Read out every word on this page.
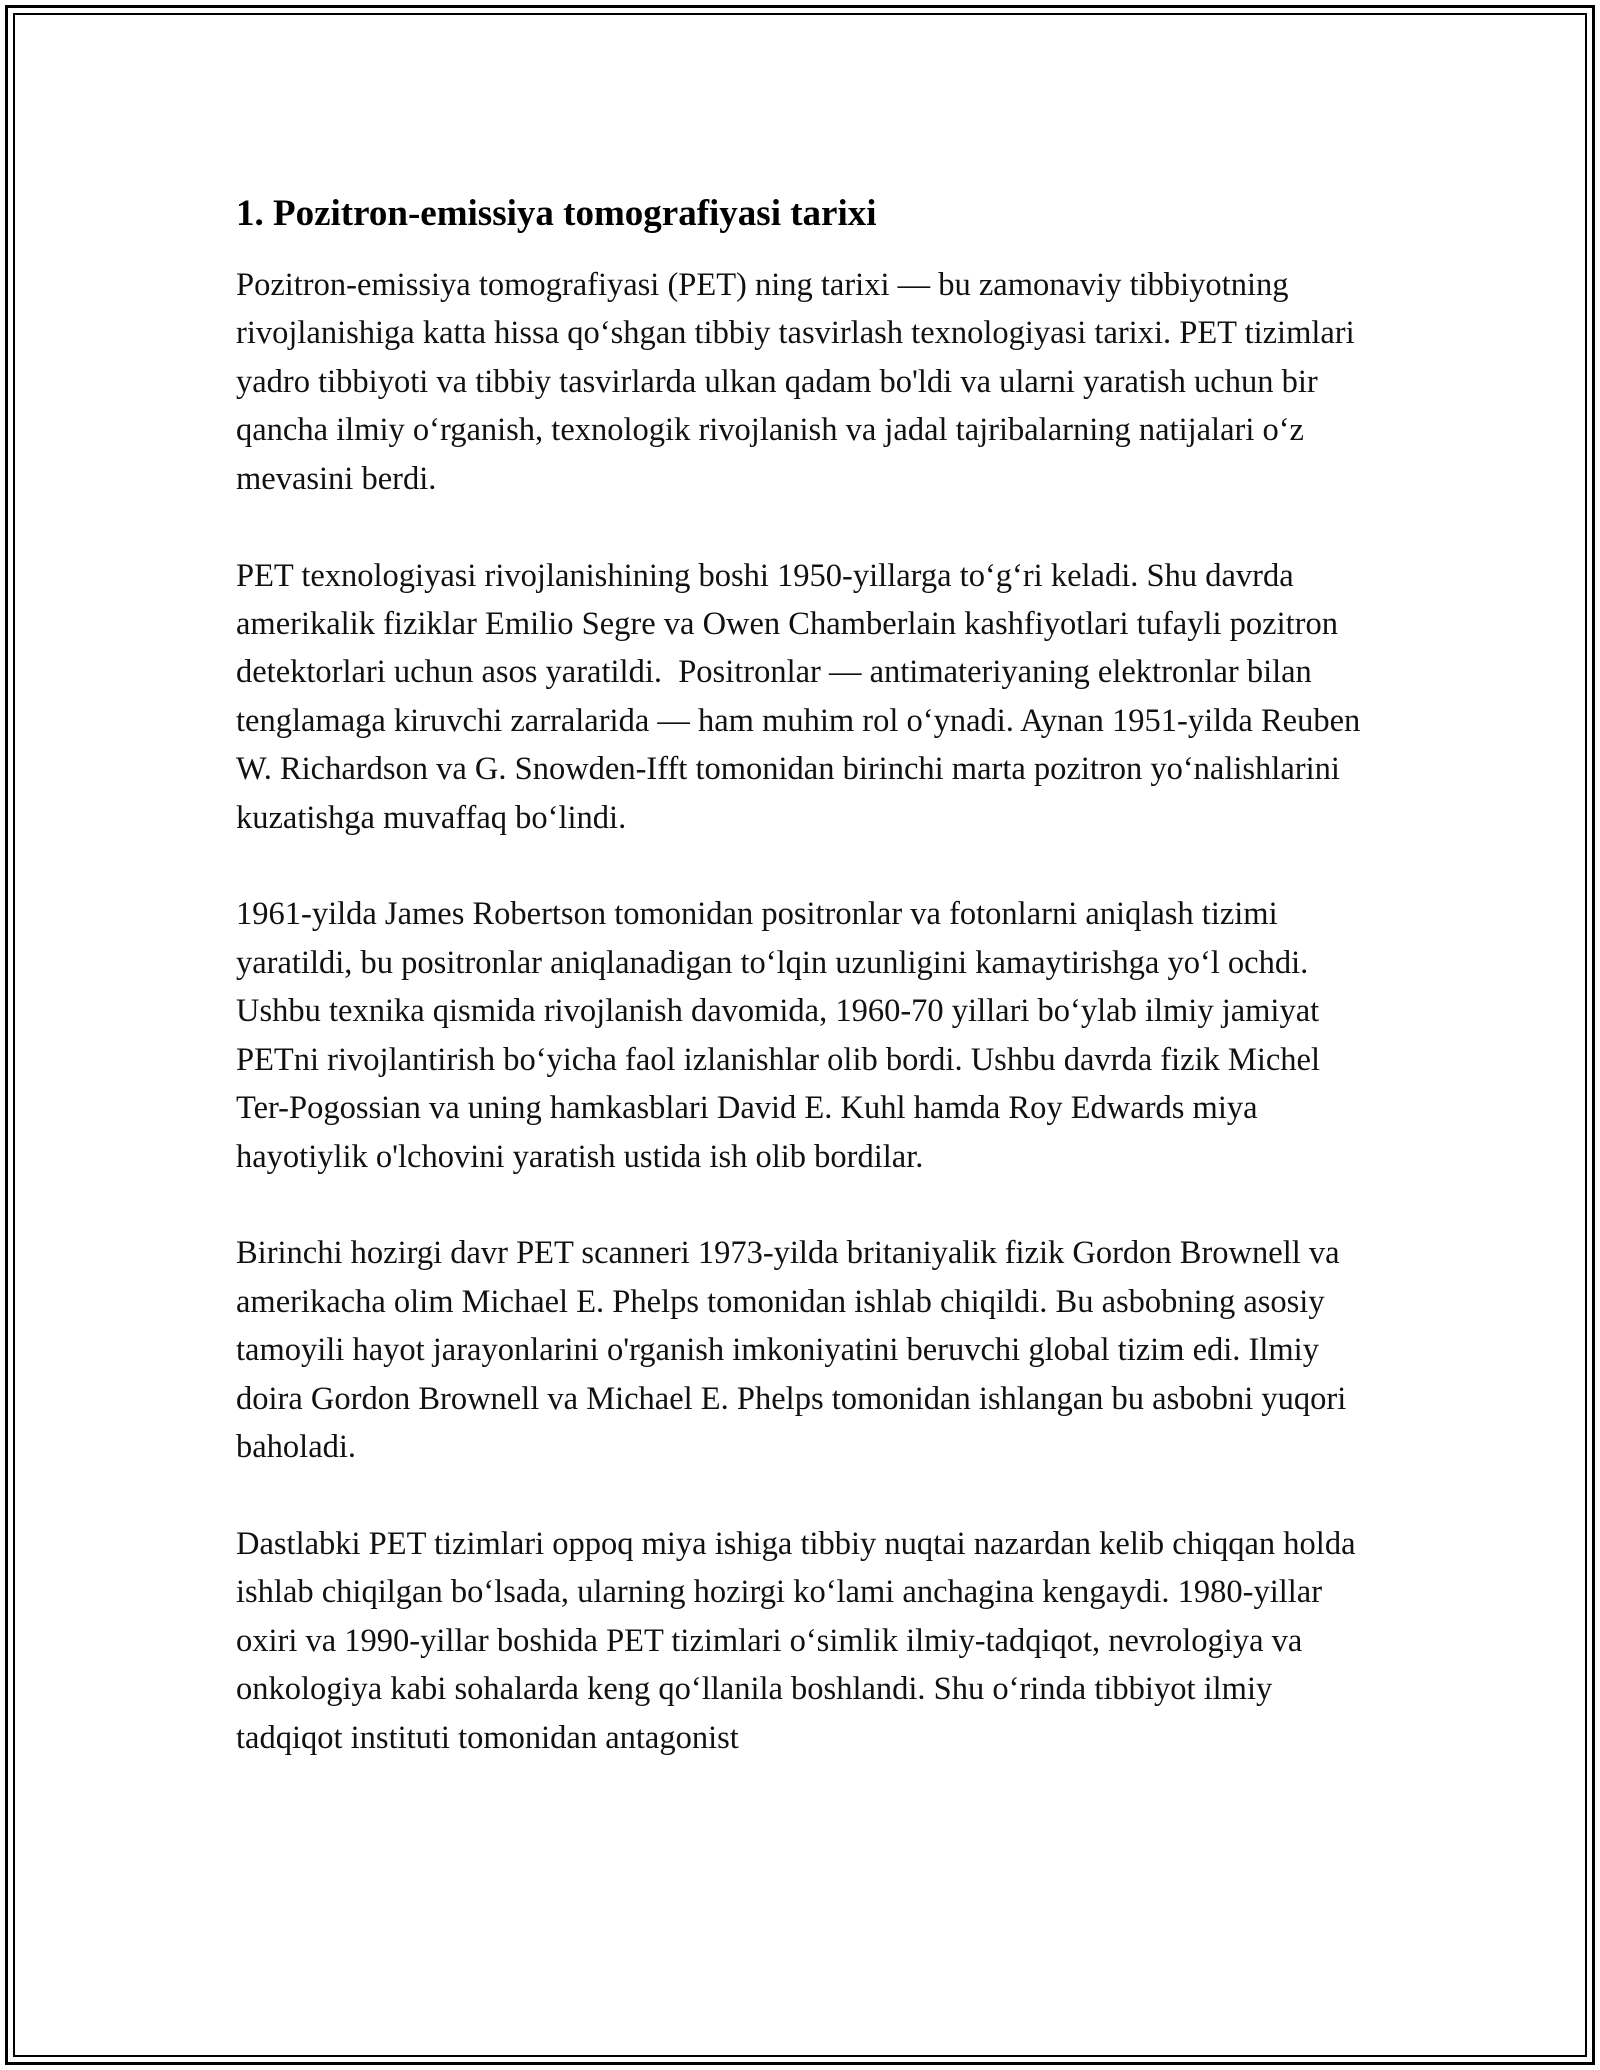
1. Pozitron-emissiya tomografiyasi tarixi

Pozitron-emissiya tomografiyasi (PET) ning tarixi — bu zamonaviy tibbiyotning rivojlanishiga katta hissa qo‘shgan tibbiy tasvirlash texnologiyasi tarixi. PET tizimlari yadro tibbiyoti va tibbiy tasvirlarda ulkan qadam bo'ldi va ularni yaratish uchun bir qancha ilmiy o‘rganish, texnologik rivojlanish va jadal tajribalarning natijalari o‘z mevasini berdi.

PET texnologiyasi rivojlanishining boshi 1950-yillarga to‘g‘ri keladi. Shu davrda amerikalik fiziklar Emilio Segre va Owen Chamberlain kashfiyotlari tufayli pozitron detektorlari uchun asos yaratildi.  Positronlar — antimateriyaning elektronlar bilan tenglamaga kiruvchi zarralarida — ham muhim rol o‘ynadi. Aynan 1951-yilda Reuben W. Richardson va G. Snowden-Ifft tomonidan birinchi marta pozitron yo‘nalishlarini kuzatishga muvaffaq bo‘lindi.

1961-yilda James Robertson tomonidan positronlar va fotonlarni aniqlash tizimi yaratildi, bu positronlar aniqlanadigan to‘lqin uzunligini kamaytirishga yo‘l ochdi. Ushbu texnika qismida rivojlanish davomida, 1960-70 yillari bo‘ylab ilmiy jamiyat PETni rivojlantirish bo‘yicha faol izlanishlar olib bordi. Ushbu davrda fizik Michel Ter-Pogossian va uning hamkasblari David E. Kuhl hamda Roy Edwards miya hayotiylik o'lchovini yaratish ustida ish olib bordilar.

Birinchi hozirgi davr PET scanneri 1973-yilda britaniyalik fizik Gordon Brownell va amerikacha olim Michael E. Phelps tomonidan ishlab chiqildi. Bu asbobning asosiy tamoyili hayot jarayonlarini o'rganish imkoniyatini beruvchi global tizim edi. Ilmiy doira Gordon Brownell va Michael E. Phelps tomonidan ishlangan bu asbobni yuqori baholadi.

Dastlabki PET tizimlari oppoq miya ishiga tibbiy nuqtai nazardan kelib chiqqan holda ishlab chiqilgan bo‘lsada, ularning hozirgi ko‘lami anchagina kengaydi. 1980-yillar oxiri va 1990-yillar boshida PET tizimlari o‘simlik ilmiy-tadqiqot, nevrologiya va onkologiya kabi sohalarda keng qo‘llanila boshlandi. Shu o‘rinda tibbiyot ilmiy tadqiqot instituti tomonidan antagonist
